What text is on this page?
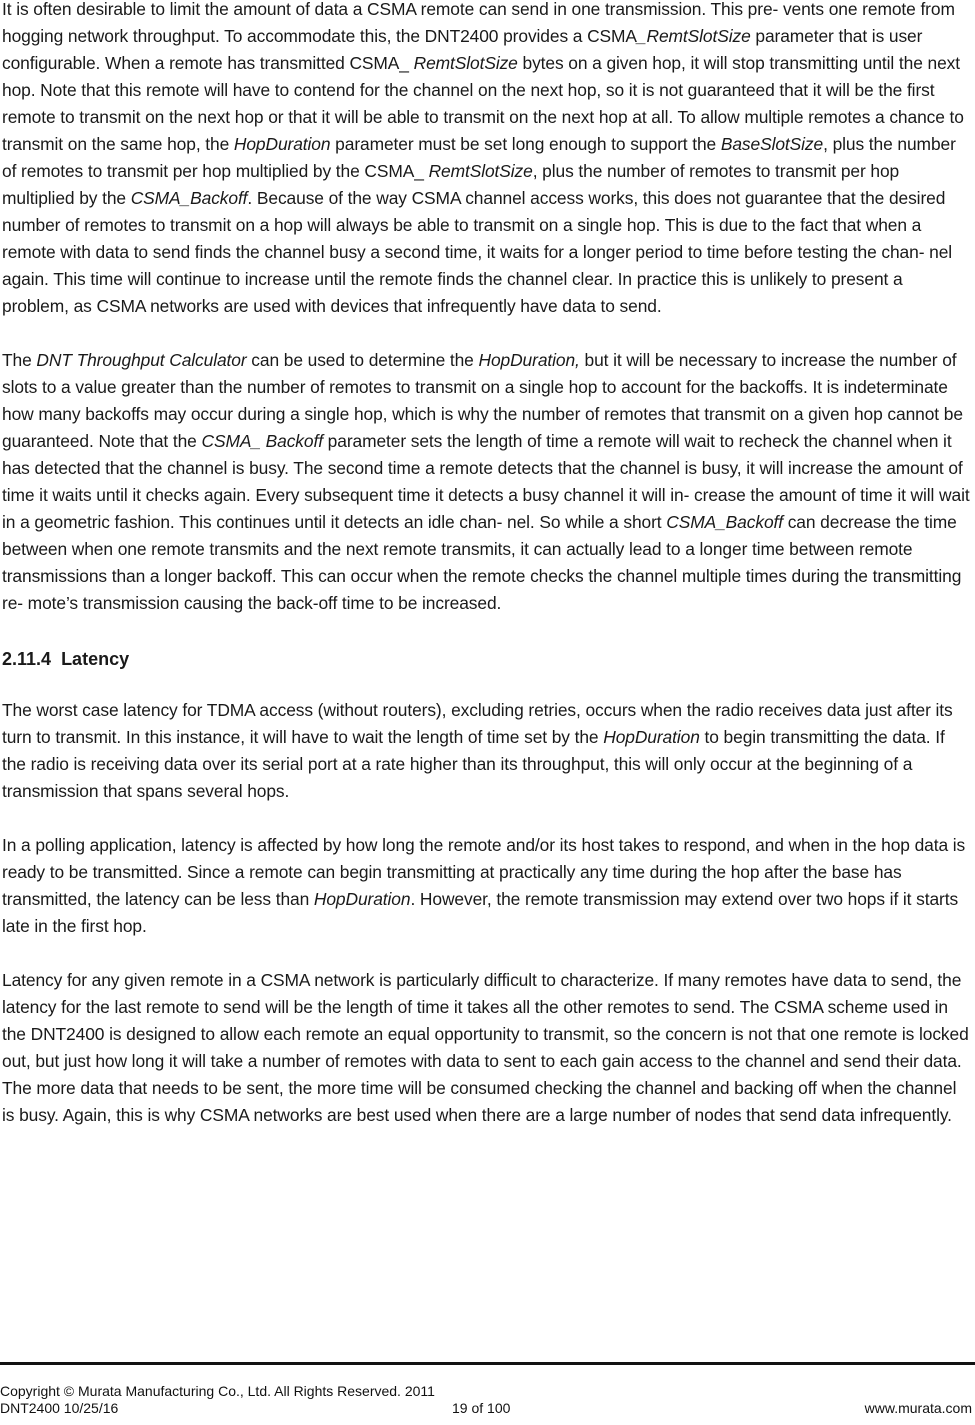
It is often desirable to limit the amount of data a CSMA remote can send in one transmission. This pre- vents one remote from hogging network throughput. To accommodate this, the DNT2400 provides a CSMA_RemtSlotSize parameter that is user configurable. When a remote has transmitted CSMA_ RemtSlotSize bytes on a given hop, it will stop transmitting until the next hop. Note that this remote will have to contend for the channel on the next hop, so it is not guaranteed that it will be the first remote to transmit on the next hop or that it will be able to transmit on the next hop at all. To allow multiple remotes a chance to transmit on the same hop, the HopDuration parameter must be set long enough to support the BaseSlotSize, plus the number of remotes to transmit per hop multiplied by the CSMA_ RemtSlotSize, plus the number of remotes to transmit per hop multiplied by the CSMA_Backoff. Because of the way CSMA channel access works, this does not guarantee that the desired number of remotes to transmit on a hop will always be able to transmit on a single hop. This is due to the fact that when a remote with data to send finds the channel busy a second time, it waits for a longer period to time before testing the chan- nel again. This time will continue to increase until the remote finds the channel clear. In practice this is unlikely to present a problem, as CSMA networks are used with devices that infrequently have data to send.

The DNT Throughput Calculator can be used to determine the HopDuration, but it will be necessary to increase the number of slots to a value greater than the number of remotes to transmit on a single hop to account for the backoffs. It is indeterminate how many backoffs may occur during a single hop, which is why the number of remotes that transmit on a given hop cannot be guaranteed. Note that the CSMA_ Backoff parameter sets the length of time a remote will wait to recheck the channel when it has detected that the channel is busy. The second time a remote detects that the channel is busy, it will increase the amount of time it waits until it checks again. Every subsequent time it detects a busy channel it will in- crease the amount of time it will wait in a geometric fashion. This continues until it detects an idle chan- nel. So while a short CSMA_Backoff can decrease the time between when one remote transmits and the next remote transmits, it can actually lead to a longer time between remote transmissions than a longer backoff. This can occur when the remote checks the channel multiple times during the transmitting re- mote’s transmission causing the back-off time to be increased.

2.11.4 Latency

The worst case latency for TDMA access (without routers), excluding retries, occurs when the radio receives data just after its turn to transmit. In this instance, it will have to wait the length of time set by the HopDuration to begin transmitting the data. If the radio is receiving data over its serial port at a rate higher than its throughput, this will only occur at the beginning of a transmission that spans several hops.

In a polling application, latency is affected by how long the remote and/or its host takes to respond, and when in the hop data is ready to be transmitted. Since a remote can begin transmitting at practically any time during the hop after the base has transmitted, the latency can be less than HopDuration. However, the remote transmission may extend over two hops if it starts late in the first hop.

Latency for any given remote in a CSMA network is particularly difficult to characterize. If many remotes have data to send, the latency for the last remote to send will be the length of time it takes all the other remotes to send. The CSMA scheme used in the DNT2400 is designed to allow each remote an equal opportunity to transmit, so the concern is not that one remote is locked out, but just how long it will take a number of remotes with data to sent to each gain access to the channel and send their data. The more data that needs to be sent, the more time will be consumed checking the channel and backing off when the channel is busy. Again, this is why CSMA networks are best used when there are a large number of nodes that send data infrequently.

Copyright © Murata Manufacturing Co., Ltd. All Rights Reserved. 2011
DNT2400 10/25/16	19 of 100	www.murata.com
